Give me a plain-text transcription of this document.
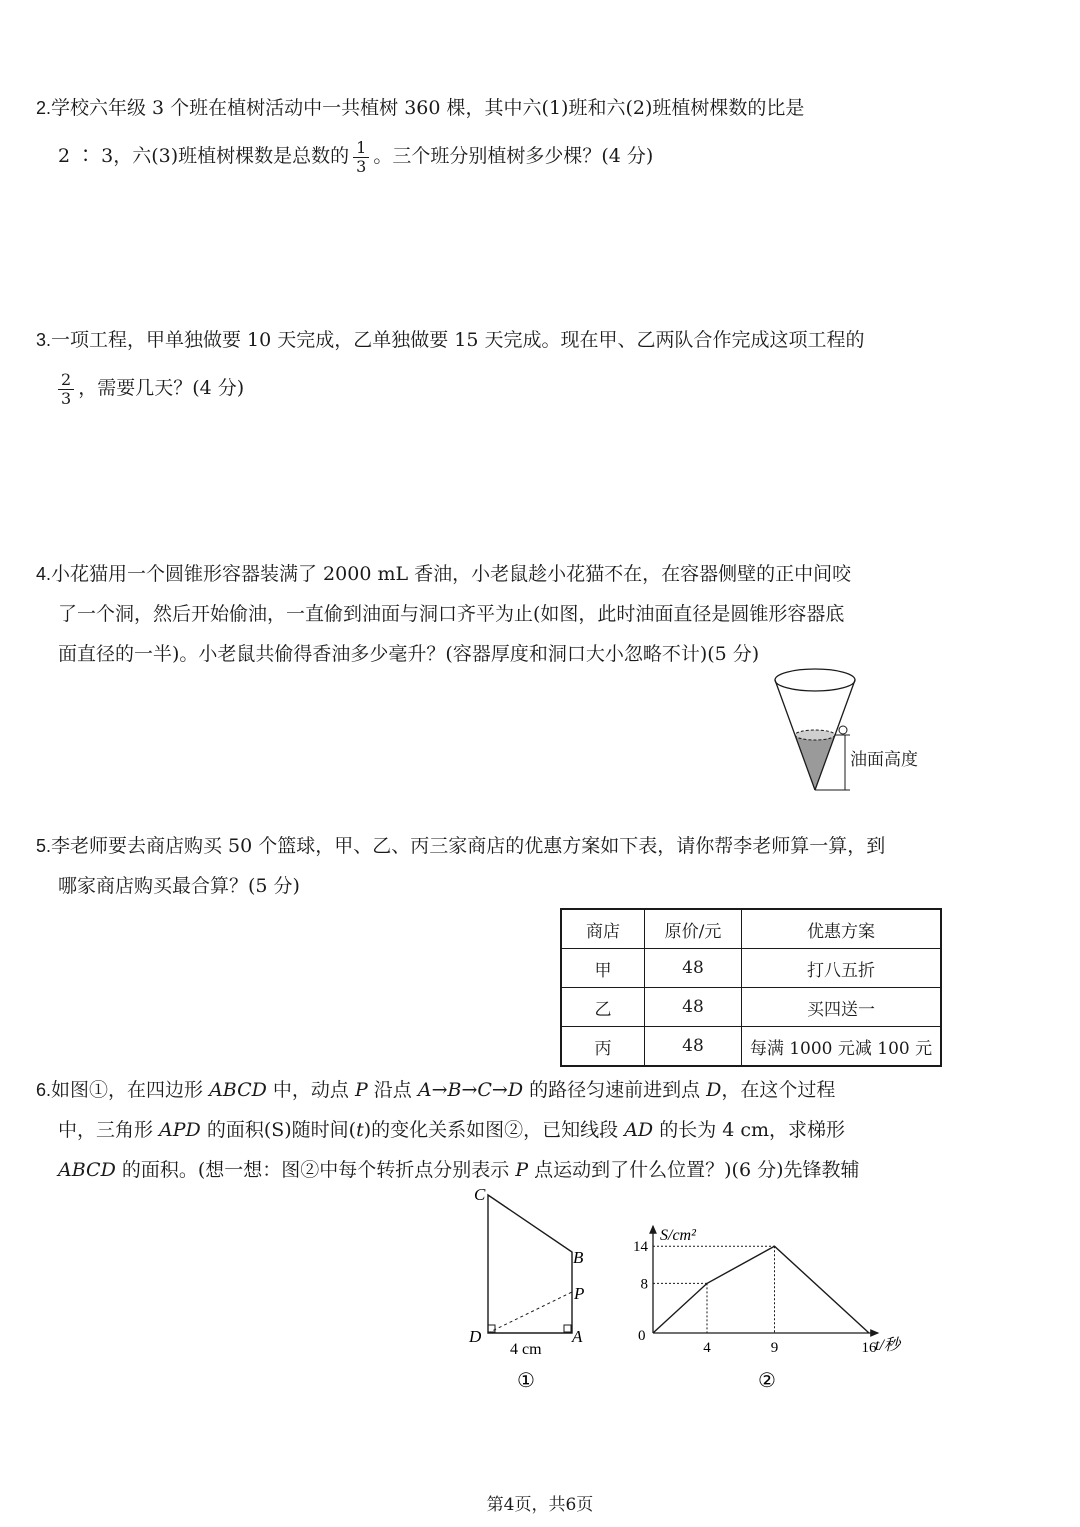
2.学校六年级 3 个班在植树活动中一共植树 360 棵，其中六(1)班和六(2)班植树棵数的比是
2 ∶ 3，六(3)班植树棵数是总数的 $\frac{1}{3}$ 。三个班分别植树多少棵？(4 分)
3.一项工程，甲单独做要 10 天完成，乙单独做要 15 天完成。现在甲、乙两队合作完成这项工程的
$\frac{2}{3}$ ，需要几天？(4 分)
4.小花猫用一个圆锥形容器装满了 2000 mL 香油，小老鼠趁小花猫不在，在容器侧壁的正中间咬
了一个洞，然后开始偷油，一直偷到油面与洞口齐平为止(如图，此时油面直径是圆锥形容器底
面直径的一半)。小老鼠共偷得香油多少毫升？(容器厚度和洞口大小忽略不计)(5 分)
油面高度
5.李老师要去商店购买 50 个篮球，甲、乙、丙三家商店的优惠方案如下表，请你帮李老师算一算，到
哪家商店购买最合算？(5 分)
商店	原价/元	优惠方案
甲	48	打八五折
乙	48	买四送一
丙	48	每满 1000 元减 100 元
6.如图①，在四边形 ABCD 中，动点 P 沿点 A→B→C→D 的路径匀速前进到点 D，在这个过程
中，三角形 APD 的面积(S)随时间(t)的变化关系如图②，已知线段 AD 的长为 4 cm，求梯形
ABCD 的面积。(想一想：图②中每个转折点分别表示 P 点运动到了什么位置？)(6 分)先锋教辅
C
B
P
D	A
4 cm
①
S/cm²
t/秒
0
4	9	16
14
8
②
第4页，共6页
